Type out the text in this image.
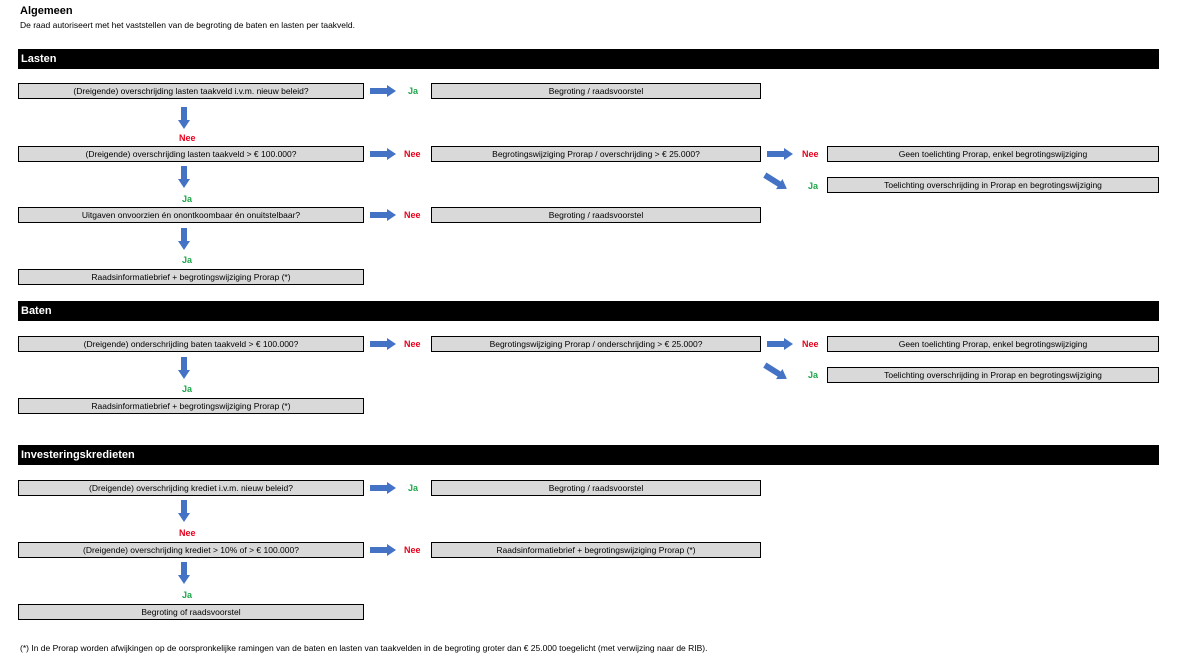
Algemeen
De raad autoriseert met het vaststellen van de begroting de baten en lasten per taakveld.
Lasten
(Dreigende) overschrijding lasten taakveld i.v.m. nieuw beleid?	Ja	Begroting / raadsvoorstel
Nee
(Dreigende) overschrijding lasten taakveld > € 100.000?	Nee	Begrotingswijziging Prorap / overschrijding > € 25.000?	Nee	Geen toelichting Prorap, enkel begrotingswijziging
Ja	Toelichting overschrijding in Prorap en begrotingswijziging
Ja
Uitgaven onvoorzien én onontkoombaar én onuitstelbaar?	Nee	Begroting / raadsvoorstel
Ja
Raadsinformatiebrief + begrotingswijziging Prorap (*)
Baten
(Dreigende) onderschrijding baten taakveld > € 100.000?	Nee	Begrotingswijziging Prorap / onderschrijding > € 25.000?	Nee	Geen toelichting Prorap, enkel begrotingswijziging
Ja	Toelichting overschrijding in Prorap en begrotingswijziging
Ja
Raadsinformatiebrief + begrotingswijziging Prorap (*)
Investeringskredieten
(Dreigende) overschrijding krediet i.v.m. nieuw beleid?	Ja	Begroting / raadsvoorstel
Nee
(Dreigende) overschrijding krediet > 10% of > € 100.000?	Nee	Raadsinformatiebrief + begrotingswijziging Prorap (*)
Ja
Begroting of raadsvoorstel
(*) In de Prorap worden afwijkingen op de oorspronkelijke ramingen van de baten en lasten van taakvelden in de begroting groter dan € 25.000 toegelicht (met verwijzing naar de RIB).
